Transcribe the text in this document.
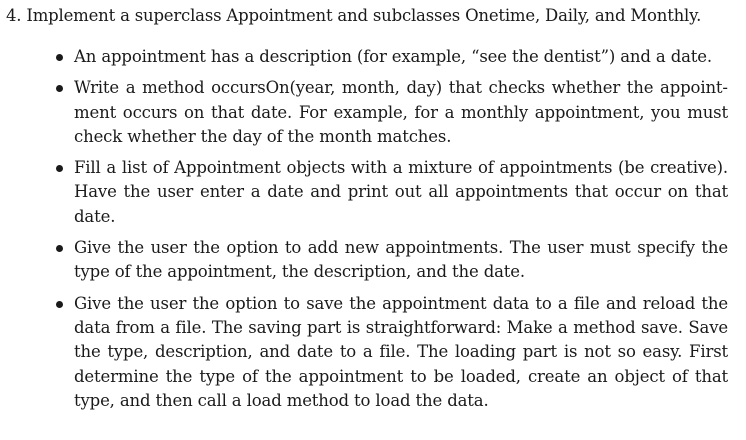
4. Implement a superclass Appointment and subclasses Onetime, Daily, and Monthly.
An appointment has a description (for example, “see the dentist”) and a date.
Write a method occursOn(year, month, day) that checks whether the appointment occurs on that date. For example, for a monthly appointment, you must check whether the day of the month matches.
Fill a list of Appointment objects with a mixture of appointments (be creative). Have the user enter a date and print out all appointments that occur on that date.
Give the user the option to add new appointments. The user must specify the type of the appointment, the description, and the date.
Give the user the option to save the appointment data to a file and reload the data from a file. The saving part is straightforward: Make a method save. Save the type, description, and date to a file. The loading part is not so easy. First determine the type of the appointment to be loaded, create an object of that type, and then call a load method to load the data.
